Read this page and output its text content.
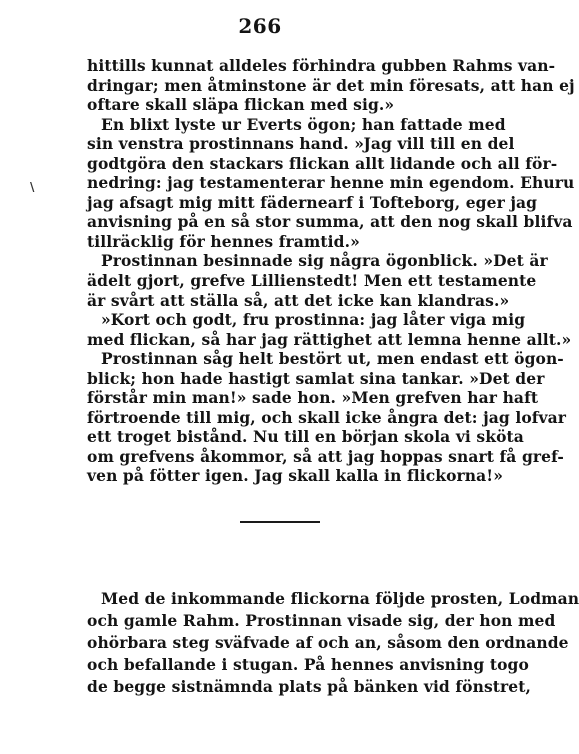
266
\
hittills kunnat alldeles förhindra gubben Rahms van-
dringar; men åtminstone är det min föresats, att han ej
oftare skall släpa flickan med sig.»
En blixt lyste ur Everts ögon; han fattade med
sin venstra prostinnans hand. »Jag vill till en del
godtgöra den stackars flickan allt lidande och all för-
nedring: jag testamenterar henne min egendom. Ehuru
jag afsagt mig mitt fädernearf i Tofteborg, eger jag
anvisning på en så stor summa, att den nog skall blifva
tillräcklig för hennes framtid.»
Prostinnan besinnade sig några ögonblick. »Det är
ädelt gjort, grefve Lillienstedt! Men ett testamente
är svårt att ställa så, att det icke kan klandras.»
»Kort och godt, fru prostinna: jag låter viga mig
med flickan, så har jag rättighet att lemna henne allt.»
Prostinnan såg helt bestört ut, men endast ett ögon-
blick; hon hade hastigt samlat sina tankar. »Det der
förstår min man!» sade hon. »Men grefven har haft
förtroende till mig, och skall icke ångra det: jag lofvar
ett troget bistånd. Nu till en början skola vi sköta
om grefvens åkommor, så att jag hoppas snart få gref-
ven på fötter igen. Jag skall kalla in flickorna!»
Med de inkommande flickorna följde prosten, Lodman
och gamle Rahm. Prostinnan visade sig, der hon med
ohörbara steg sväfvade af och an, såsom den ordnande
och befallande i stugan. På hennes anvisning togo
de begge sistnämnda plats på bänken vid fönstret,
